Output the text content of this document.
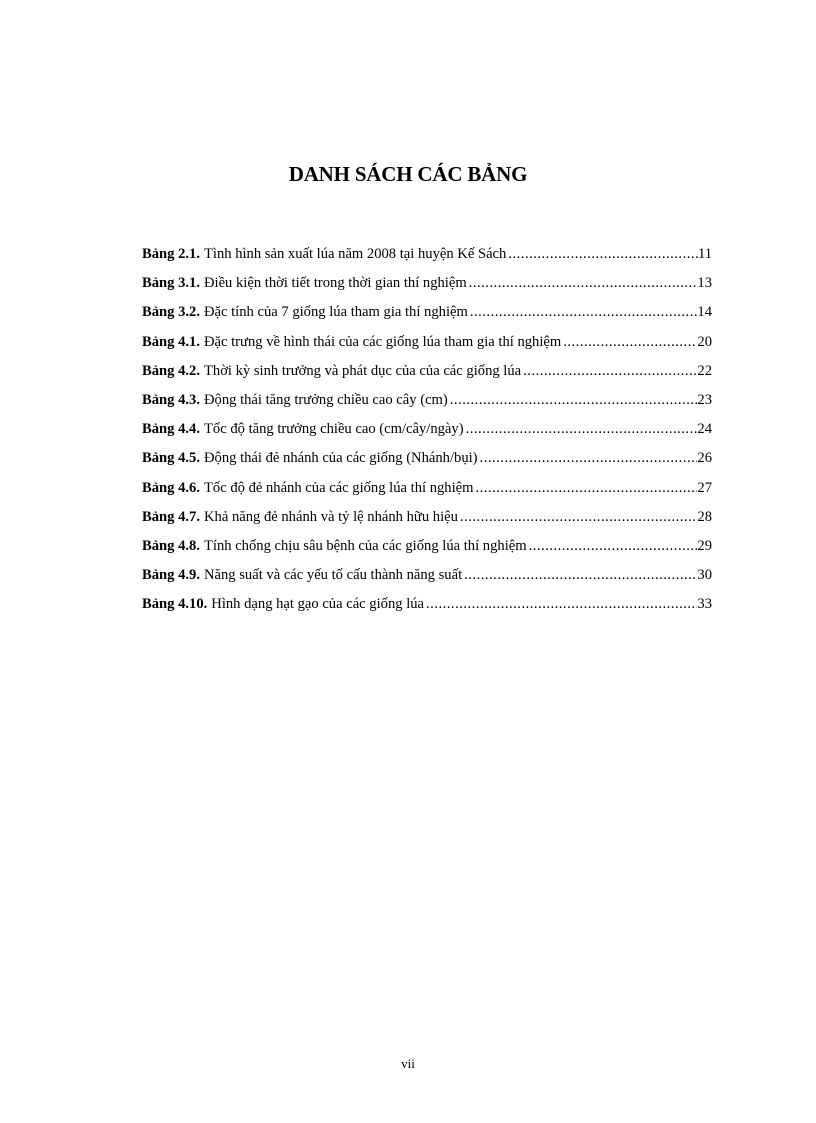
DANH SÁCH CÁC BẢNG
Bảng 2.1. Tình hình sản xuất lúa năm 2008 tại huyện Kế Sách .....	11
Bảng 3.1. Điều kiện thời tiết trong thời gian thí nghiệm .....	13
Bảng 3.2. Đặc tính của 7 giống lúa tham gia thí nghiệm .....	14
Bảng 4.1. Đặc trưng về hình thái của các giống lúa tham gia thí nghiệm .....	20
Bảng 4.2. Thời kỳ sinh trưởng và phát dục của của các giống lúa .....	22
Bảng 4.3. Động thái tăng trưởng chiều cao cây (cm) .....	23
Bảng 4.4. Tốc độ tăng trưởng chiều cao (cm/cây/ngày) .....	24
Bảng 4.5. Động thái đẻ nhánh của các giống (Nhánh/bụi) .....	26
Bảng 4.6. Tốc độ đẻ nhánh của các giống lúa thí nghiệm .....	27
Bảng 4.7. Khả năng đẻ nhánh và tỷ lệ nhánh hữu hiệu .....	28
Bảng 4.8. Tính chống chịu sâu bệnh của các giống lúa thí nghiệm .....	29
Bảng 4.9. Năng suất và các yếu tố cấu thành năng suất .....	30
Bảng 4.10. Hình dạng hạt gạo của các giống lúa .....	33
vii
